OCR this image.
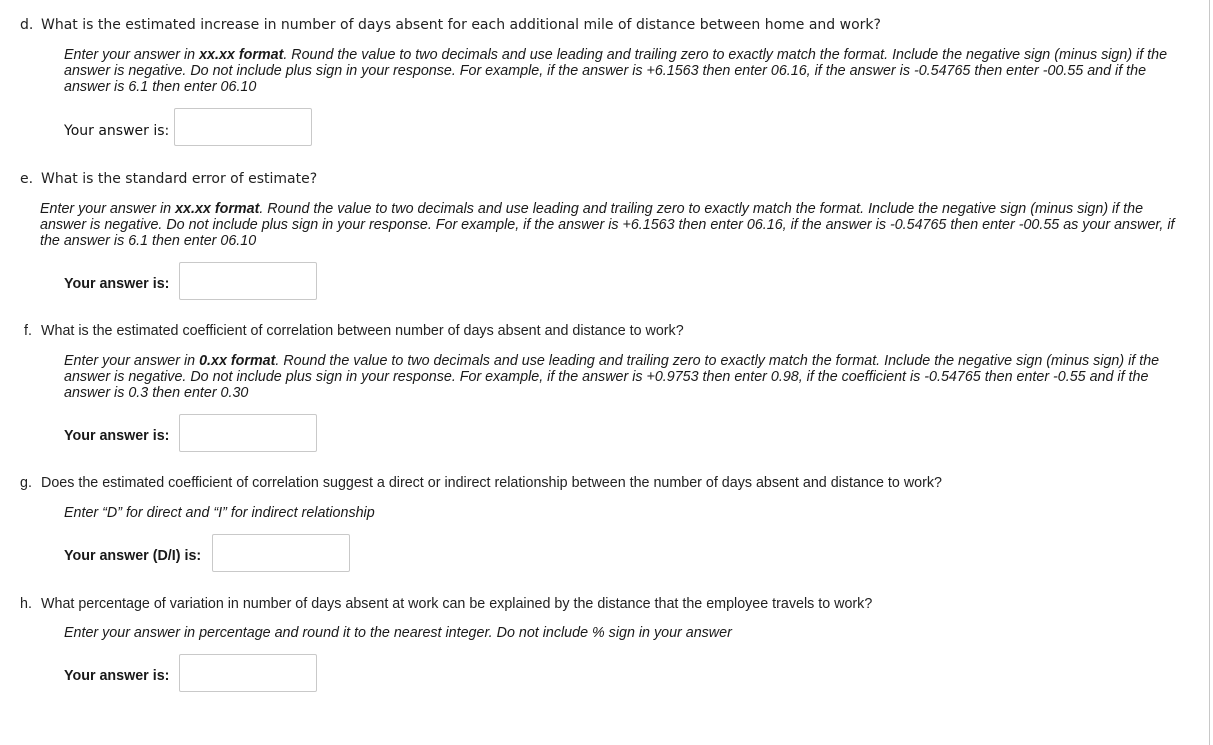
d. What is the estimated increase in number of days absent for each additional mile of distance between home and work?
Enter your answer in xx.xx format. Round the value to two decimals and use leading and trailing zero to exactly match the format. Include the negative sign (minus sign) if the answer is negative. Do not include plus sign in your response. For example, if the answer is +6.1563 then enter 06.16, if the answer is -0.54765 then enter -00.55 and if the answer is 6.1 then enter 06.10
Your answer is:
e. What is the standard error of estimate?
Enter your answer in xx.xx format. Round the value to two decimals and use leading and trailing zero to exactly match the format. Include the negative sign (minus sign) if the answer is negative. Do not include plus sign in your response. For example, if the answer is +6.1563 then enter 06.16, if the answer is -0.54765 then enter -00.55 as your answer, if the answer is 6.1 then enter 06.10
Your answer is:
f. What is the estimated coefficient of correlation between number of days absent and distance to work?
Enter your answer in 0.xx format. Round the value to two decimals and use leading and trailing zero to exactly match the format. Include the negative sign (minus sign) if the answer is negative. Do not include plus sign in your response. For example, if the answer is +0.9753 then enter 0.98, if the coefficient is -0.54765 then enter -0.55 and if the answer is 0.3 then enter 0.30
Your answer is:
g. Does the estimated coefficient of correlation suggest a direct or indirect relationship between the number of days absent and distance to work?
Enter “D” for direct and “I” for indirect relationship
Your answer (D/I) is:
h. What percentage of variation in number of days absent at work can be explained by the distance that the employee travels to work?
Enter your answer in percentage and round it to the nearest integer. Do not include % sign in your answer
Your answer is:
